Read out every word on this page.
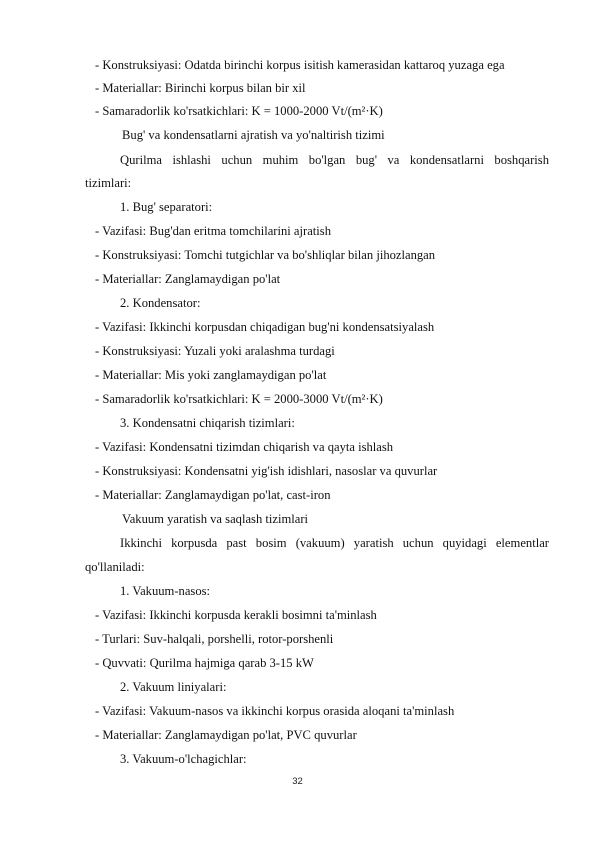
- Konstruksiyasi: Odatda birinchi korpus isitish kamerasidan kattaroq yuzaga ega
- Materiallar: Birinchi korpus bilan bir xil
- Samaradorlik ko'rsatkichlari: K = 1000-2000 Vt/(m²·K)
Bug' va kondensatlarni ajratish va yo'naltirish tizimi
Qurilma ishlashi uchun muhim bo'lgan bug' va kondensatlarni boshqarish
tizimlari:
1. Bug' separatori:
- Vazifasi: Bug'dan eritma tomchilarini ajratish
- Konstruksiyasi: Tomchi tutgichlar va bo'shliqlar bilan jihozlangan
- Materiallar: Zanglamaydigan po'lat
2. Kondensator:
- Vazifasi: Ikkinchi korpusdan chiqadigan bug'ni kondensatsiyalash
- Konstruksiyasi: Yuzali yoki aralashma turdagi
- Materiallar: Mis yoki zanglamaydigan po'lat
- Samaradorlik ko'rsatkichlari: K = 2000-3000 Vt/(m²·K)
3. Kondensatni chiqarish tizimlari:
- Vazifasi: Kondensatni tizimdan chiqarish va qayta ishlash
- Konstruksiyasi: Kondensatni yig'ish idishlari, nasoslar va quvurlar
- Materiallar: Zanglamaydigan po'lat, cast-iron
Vakuum yaratish va saqlash tizimlari
Ikkinchi korpusda past bosim (vakuum) yaratish uchun quyidagi elementlar
qo'llaniladi:
1. Vakuum-nasos:
- Vazifasi: Ikkinchi korpusda kerakli bosimni ta'minlash
- Turlari: Suv-halqali, porshelli, rotor-porshenli
- Quvvati: Qurilma hajmiga qarab 3-15 kW
2. Vakuum liniyalari:
- Vazifasi: Vakuum-nasos va ikkinchi korpus orasida aloqani ta'minlash
- Materiallar: Zanglamaydigan po'lat, PVC quvurlar
3. Vakuum-o'lchagichlar:
32
